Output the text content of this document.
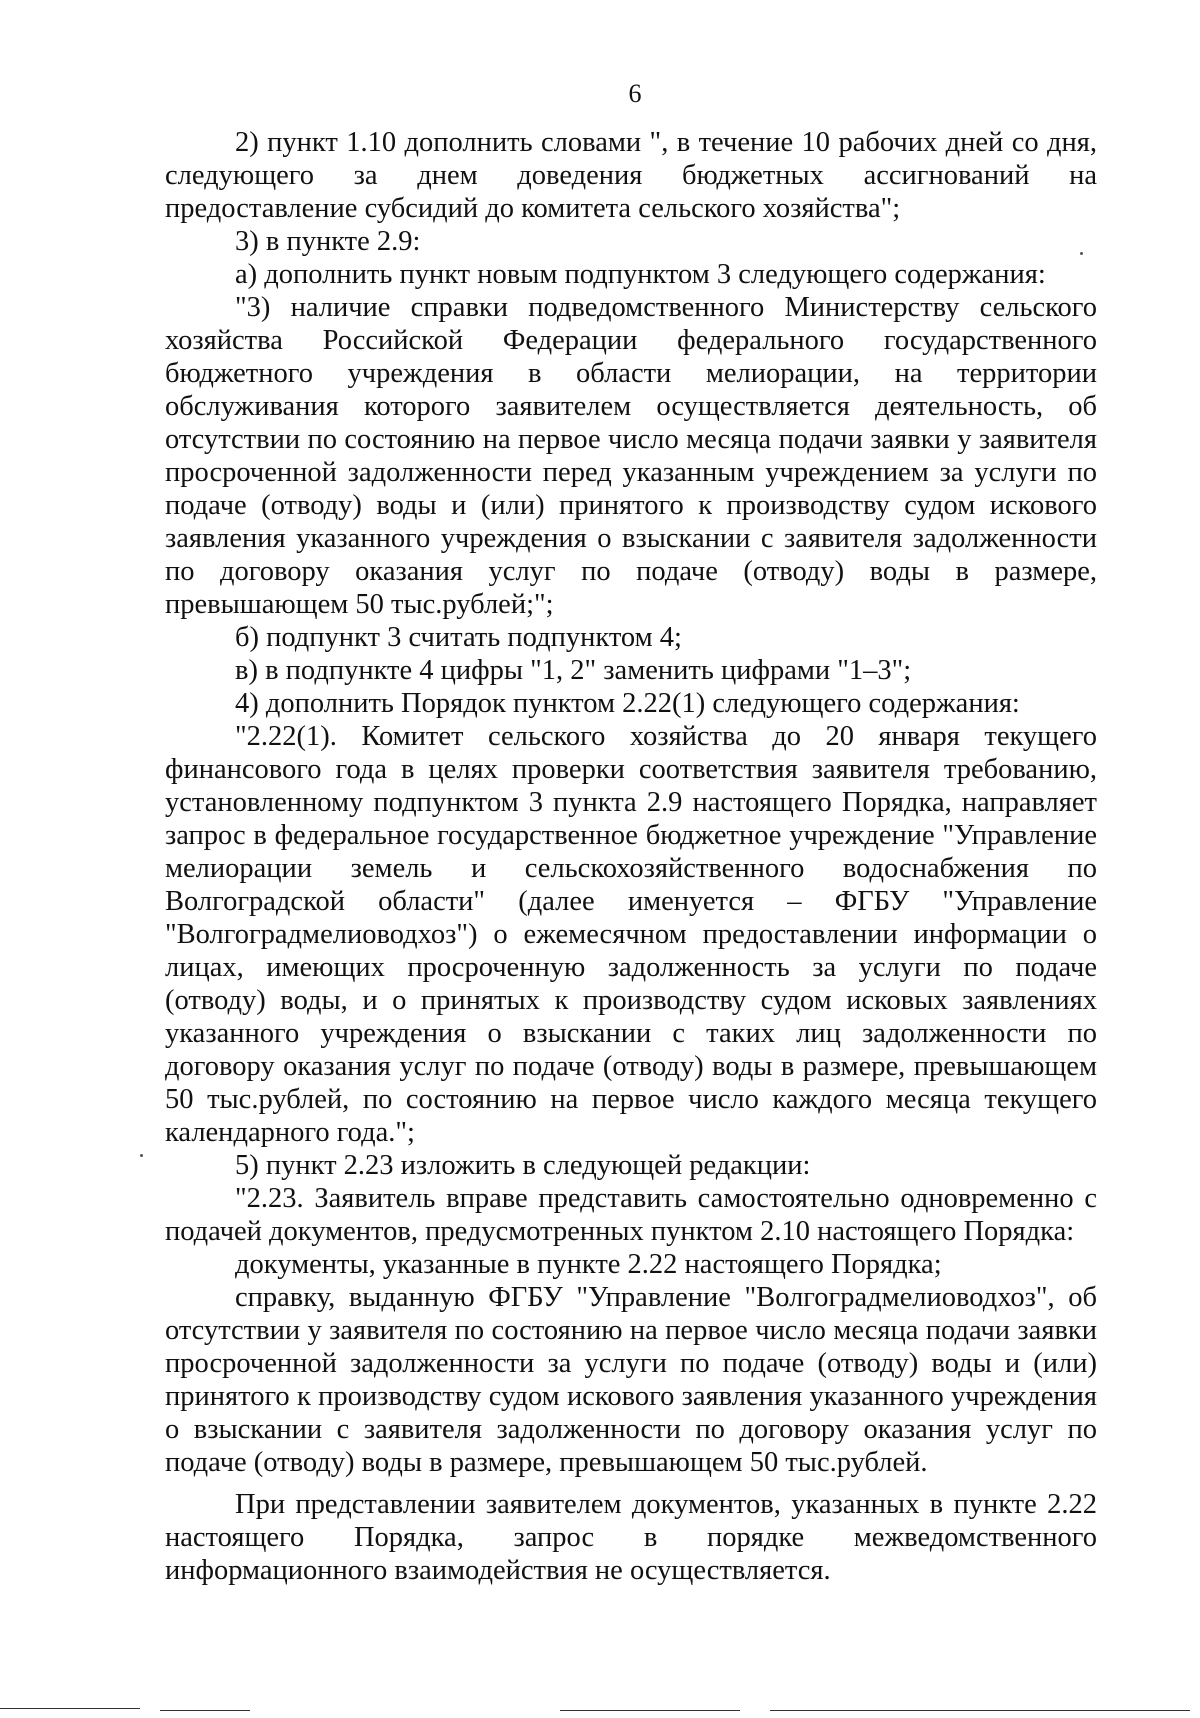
6

2) пункт 1.10 дополнить словами ", в течение 10 рабочих дней со дня, следующего за днем доведения бюджетных ассигнований на предоставление субсидий до комитета сельского хозяйства";

3) в пункте 2.9:

а) дополнить пункт новым подпунктом 3 следующего содержания:

"3) наличие справки подведомственного Министерству сельского хозяйства Российской Федерации федерального государственного бюджетного учреждения в области мелиорации, на территории обслуживания которого заявителем осуществляется деятельность, об отсутствии по состоянию на первое число месяца подачи заявки у заявителя просроченной задолженности перед указанным учреждением за услуги по подаче (отводу) воды и (или) принятого к производству судом искового заявления указанного учреждения о взыскании с заявителя задолженности по договору оказания услуг по подаче (отводу) воды в размере, превышающем 50 тыс.рублей;";

б) подпункт 3 считать подпунктом 4;

в) в подпункте 4 цифры "1, 2" заменить цифрами "1–3";

4) дополнить Порядок пунктом 2.22(1) следующего содержания:

"2.22(1). Комитет сельского хозяйства до 20 января текущего финансового года в целях проверки соответствия заявителя требованию, установленному подпунктом 3 пункта 2.9 настоящего Порядка, направляет запрос в федеральное государственное бюджетное учреждение "Управление мелиорации земель и сельскохозяйственного водоснабжения по Волгоградской области" (далее именуется – ФГБУ "Управление "Волгоградмелиоводхоз") о ежемесячном предоставлении информации о лицах, имеющих просроченную задолженность за услуги по подаче (отводу) воды, и о принятых к производству судом исковых заявлениях указанного учреждения о взыскании с таких лиц задолженности по договору оказания услуг по подаче (отводу) воды в размере, превышающем 50 тыс.рублей, по состоянию на первое число каждого месяца текущего календарного года.";

5) пункт 2.23 изложить в следующей редакции:

"2.23. Заявитель вправе представить самостоятельно одновременно с подачей документов, предусмотренных пунктом 2.10 настоящего Порядка:

документы, указанные в пункте 2.22 настоящего Порядка;

справку, выданную ФГБУ "Управление "Волгоградмелиоводхоз", об отсутствии у заявителя по состоянию на первое число месяца подачи заявки просроченной задолженности за услуги по подаче (отводу) воды и (или) принятого к производству судом искового заявления указанного учреждения о взыскании с заявителя задолженности по договору оказания услуг по подаче (отводу) воды в размере, превышающем 50 тыс.рублей.

При представлении заявителем документов, указанных в пункте 2.22 настоящего Порядка, запрос в порядке межведомственного информационного взаимодействия не осуществляется.
